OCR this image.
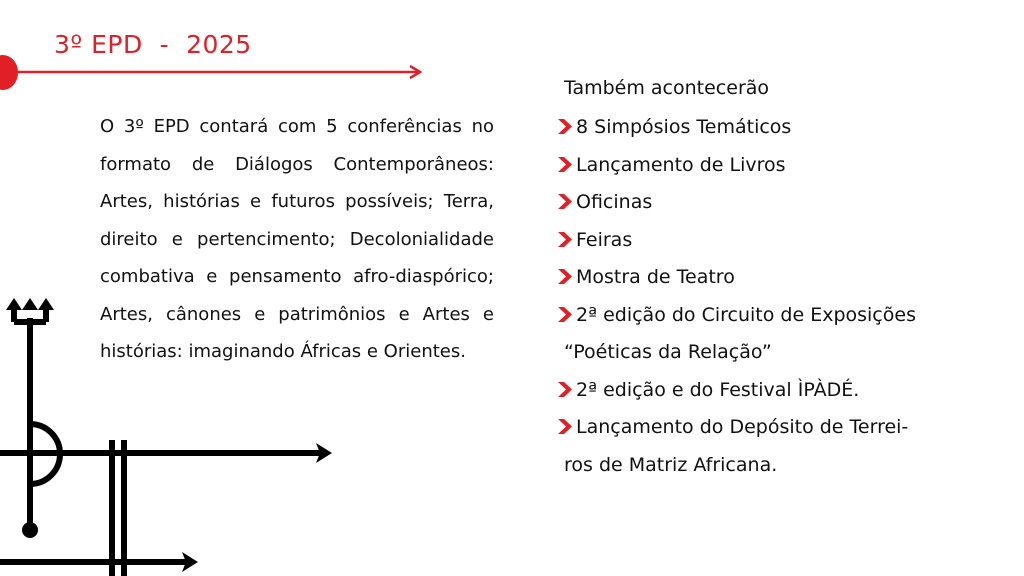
3º EPD  -  2025
O 3º EPD contará com 5 conferências no formato de Diálogos Contemporâneos: Artes, histórias e futuros possíveis; Terra, direito e pertencimento; Decolonialidade combativa e pensamento afro-diaspórico; Artes, cânones e patrimônios e Artes e histórias: imaginando Áfricas e Orientes.
Também acontecerão
8 Simpósios Temáticos
Lançamento de Livros
Oficinas
Feiras
Mostra de Teatro
2ª edição do Circuito de Exposições
“Poéticas da Relação”
2ª edição e do Festival ÌPÀDÉ.
Lançamento do Depósito de Terrei-
ros de Matriz Africana.
